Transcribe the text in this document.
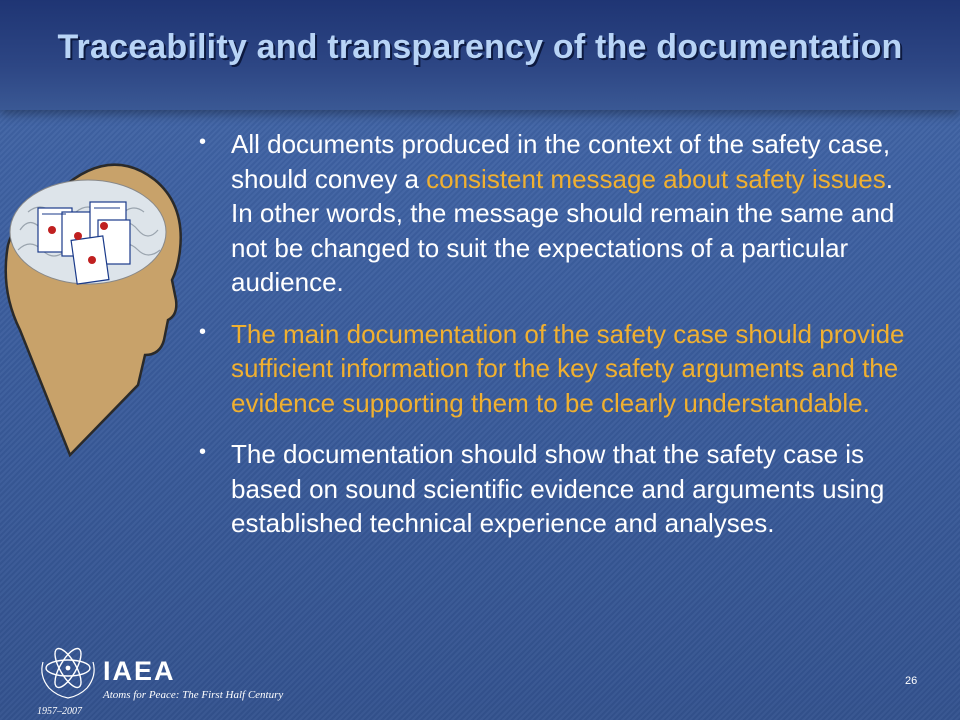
Traceability and transparency of the documentation
• All documents produced in the context of the safety case, should convey a consistent message about safety issues. In other words, the message should remain the same and not be changed to suit the expectations of a particular audience.
• The main documentation of the safety case should provide sufficient information for the key safety arguments and the evidence supporting them to be clearly understandable.
• The documentation should show that the safety case is based on sound scientific evidence and arguments using established technical experience and analyses.
IAEA
Atoms for Peace: The First Half Century
1957–2007
26
